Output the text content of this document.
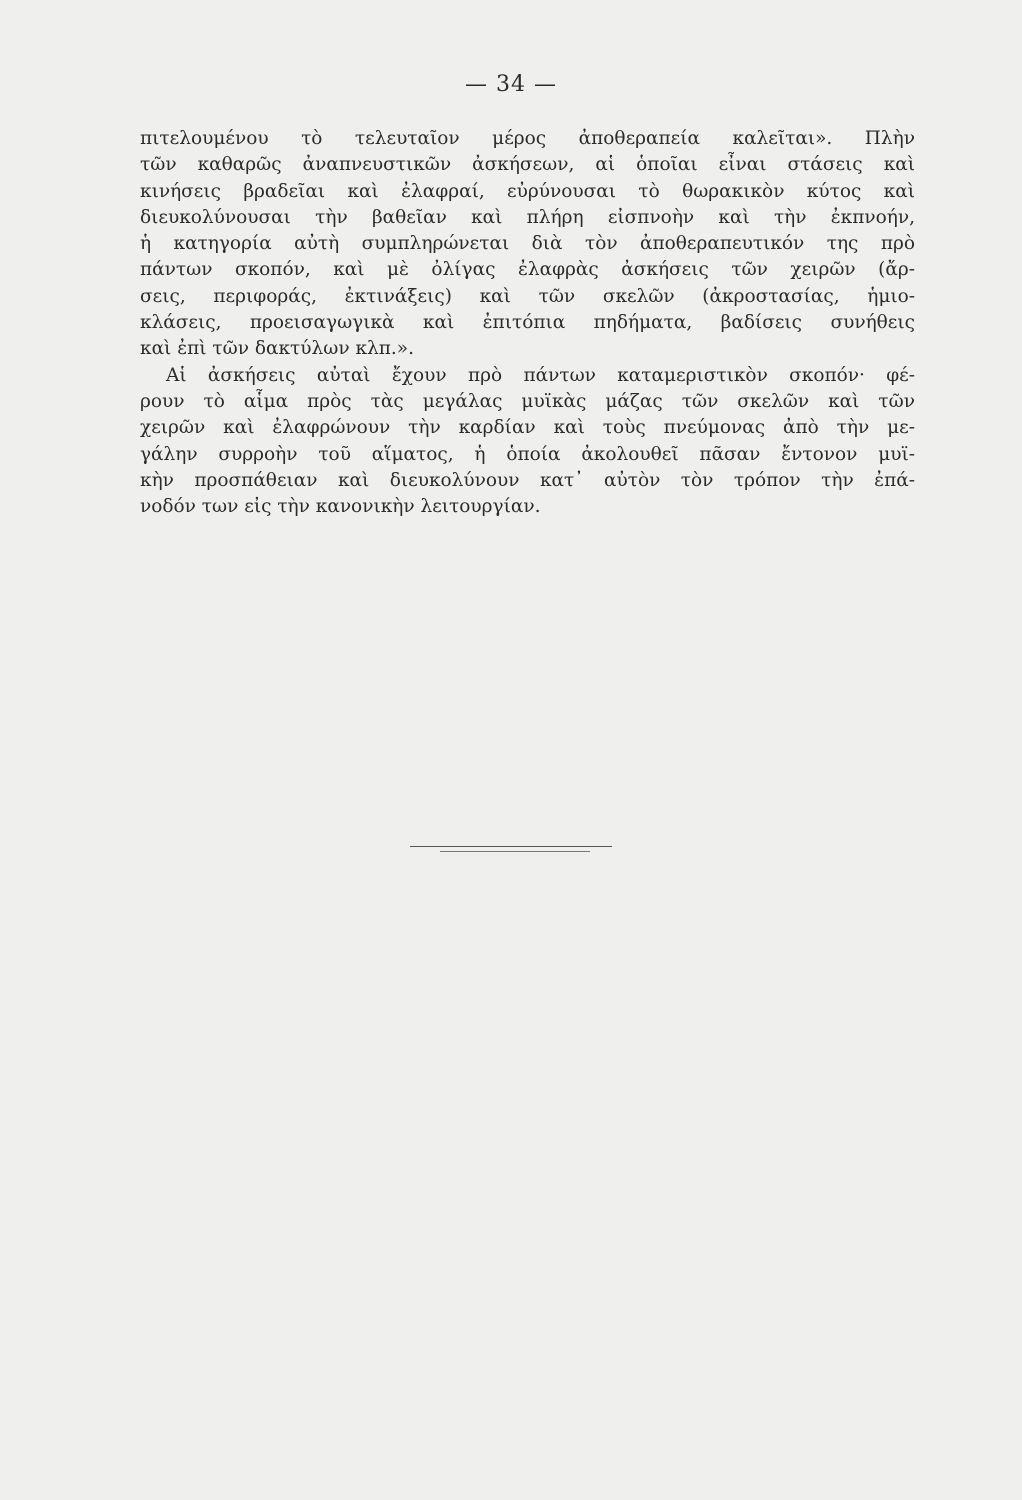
— 34 —
πιτελουμένου τὸ τελευταῖον μέρος ἀποθεραπεία καλεῖται». Πλὴν
τῶν καθαρῶς ἀναπνευστικῶν ἀσκήσεων, αἱ ὁποῖαι εἶναι στάσεις καὶ
κινήσεις βραδεῖαι καὶ ἐλαφραί, εὐρύνουσαι τὸ θωρακικὸν κύτος καὶ
διευκολύνουσαι τὴν βαθεῖαν καὶ πλήρη εἰσπνοὴν καὶ τὴν ἐκπνοήν,
ἡ κατηγορία αὐτὴ συμπληρώνεται διὰ τὸν ἀποθεραπευτικόν της πρὸ
πάντων σκοπόν, καὶ μὲ ὀλίγας ἐλαφρὰς ἀσκήσεις τῶν χειρῶν (ἄρ-
σεις, περιφοράς, ἐκτινάξεις) καὶ τῶν σκελῶν (ἀκροστασίας, ἡμιο-
κλάσεις, προεισαγωγικὰ καὶ ἐπιτόπια πηδήματα, βαδίσεις συνήθεις
καὶ ἐπὶ τῶν δακτύλων κλπ.».
Αἱ ἀσκήσεις αὐταὶ ἔχουν πρὸ πάντων καταμεριστικὸν σκοπόν· φέ-
ρουν τὸ αἷμα πρὸς τὰς μεγάλας μυϊκὰς μάζας τῶν σκελῶν καὶ τῶν
χειρῶν καὶ ἐλαφρώνουν τὴν καρδίαν καὶ τοὺς πνεύμονας ἀπὸ τὴν με-
γάλην συρροὴν τοῦ αἵματος, ἡ ὁποία ἀκολουθεῖ πᾶσαν ἔντονον μυϊ-
κὴν προσπάθειαν καὶ διευκολύνουν κατ᾿ αὐτὸν τὸν τρόπον τὴν ἐπά-
νοδόν των εἰς τὴν κανονικὴν λειτουργίαν.
